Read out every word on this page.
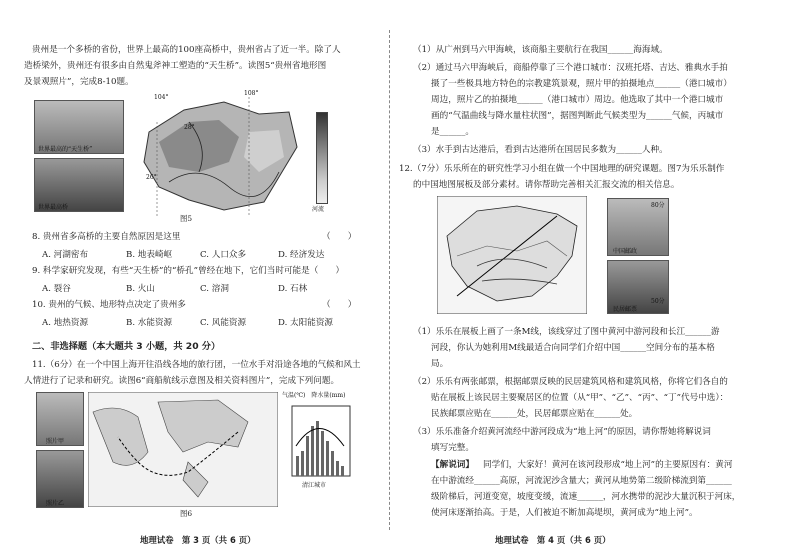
贵州是一个多桥的省份，世界上最高的100座高桥中，贵州省占了近一半。除了人
造桥梁外，贵州还有很多由自然鬼斧神工塑造的“天生桥”。读图5“贵州省地形图
及景观照片”，完成8-10题。
世界最高的“天生桥”
世界最高桥
104°
108°
28°
26°
河流
图5
8. 贵州省多高桥的主要自然原因是这里	（　　）
A. 河湖密布	B. 地表崎岖	C. 人口众多	D. 经济发达
9. 科学家研究发现，有些“天生桥”的“桥孔”曾经在地下，它们当时可能是（　　）
A. 裂谷	B. 火山	C. 溶洞	D. 石林
10. 贵州的气候、地形特点决定了贵州多	（　　）
A. 地热资源	B. 水能资源	C. 风能资源	D. 太阳能资源
二、非选择题（本大题共 3 小题，共 20 分）
11.（6分）在一个中国上海开往沿线各地的旅行团，一位水手对沿途各地的气候和风土
人情进行了记录和研究。读图6“商船航线示意图及相关资料图片”，完成下列问题。
照片甲
照片乙
气温(℃)　降水量(mm)
清江城市
图6
地理试卷　第 3 页（共 6 页）
（1）从广州到马六甲海峡，该商船主要航行在我国______海海域。
（2）通过马六甲海峡后，商船停靠了三个港口城市：汉班托塔、吉达、雅典水手拍
摄了一些极具地方特色的宗教建筑景观，照片甲的拍摄地点______（港口城市）
周边，照片乙的拍摄地______（港口城市）周边。他选取了其中一个港口城市
画的“气温曲线与降水量柱状图”，据图判断此气候类型为______气候，丙城市
是______。
（3）水手到古达港后，看到古达港所在国居民多数为______人种。
12.（7分）乐乐所在的研究性学习小组在做一个中国地理的研究课题。图7为乐乐制作
的中国地图展板及部分素材。请你帮助完善相关汇报交流的相关信息。
80分
中国邮政
50分
民居邮票
（1）乐乐在展板上画了一条M线，该线穿过了图中黄河中游河段和长江______游
河段，你认为她利用M线最适合向同学们介绍中国______空间分布的基本格
局。
（2）乐乐有两张邮票，根据邮票反映的民居建筑风格和建筑风格，你将它们各自的
贴在展板上该民居主要聚居区的位置（从“甲”、“乙”、“丙”、“丁”代号中选）：
民族邮票应贴在______处，民居邮票应贴在______处。
（3）乐乐准备介绍黄河流经中游河段成为“地上河”的原因，请你帮她将解说词
填写完整。
【解说词】 同学们，大家好！黄河在该河段形成“地上河”的主要原因有：黄河
在中游流经______高原，河流泥沙含量大；黄河从地势第二级阶梯流到第______
级阶梯后，河道变宽，坡度变缓，流速______，河水携带的泥沙大量沉积于河床，
使河床逐渐抬高。于是，人们被迫不断加高堤坝，黄河成为“地上河”。
地理试卷　第 4 页（共 6 页）
